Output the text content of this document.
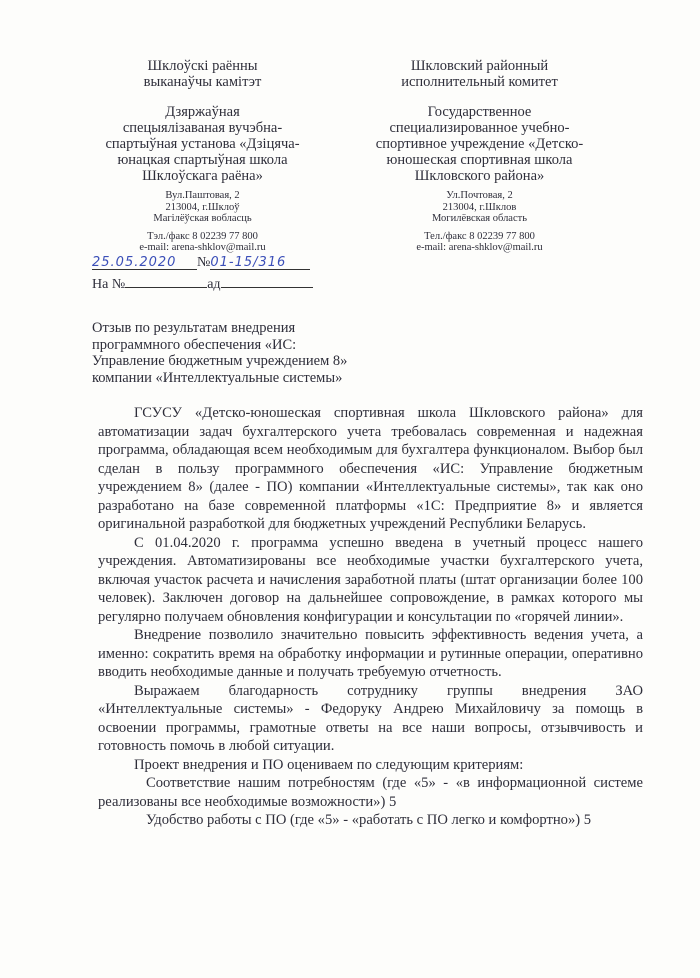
Шклоўскі раённы
выканаўчы камітэт
Дзяржаўная
спецыялізаваная вучэбна-
спартыўная установа «Дзіцяча-
юнацкая спартыўная школа
Шклоўскага раёна»
Вул.Паштовая, 2
213004, г.Шклоў
Магілёўская вобласць
Тэл./факс 8 02239 77 800
e-mail: arena-shklov@mail.ru
Шкловский районный
исполнительный комитет
Государственное
специализированное учебно-
спортивное учреждение «Детско-
юношеская спортивная школа
Шкловского района»
Ул.Почтовая, 2
213004, г.Шклов
Могилёвская область
Тел./факс 8 02239 77 800
e-mail: arena-shklov@mail.ru
25.05.2020 №01-15/316
На №	ад
Отзыв по результатам внедрения
программного обеспечения «ИС:
Управление бюджетным учреждением 8»
компании «Интеллектуальные системы»

ГСУСУ «Детско-юношеская спортивная школа Шкловского района» для автоматизации задач бухгалтерского учета требовалась современная и надежная программа, обладающая всем необходимым для бухгалтера функционалом. Выбор был сделан в пользу программного обеспечения «ИС: Управление бюджетным учреждением 8» (далее - ПО) компании «Интеллектуальные системы», так как оно разработано на базе современной платформы «1С: Предприятие 8» и является оригинальной разработкой для бюджетных учреждений Республики Беларусь.

С 01.04.2020 г. программа успешно введена в учетный процесс нашего учреждения. Автоматизированы все необходимые участки бухгалтерского учета, включая участок расчета и начисления заработной платы (штат организации более 100 человек). Заключен договор на дальнейшее сопровождение, в рамках которого мы регулярно получаем обновления конфигурации и консультации по «горячей линии».

Внедрение позволило значительно повысить эффективность ведения учета, а именно: сократить время на обработку информации и рутинные операции, оперативно вводить необходимые данные и получать требуемую отчетность.

Выражаем благодарность сотруднику группы внедрения ЗАО «Интеллектуальные системы» - Федоруку Андрею Михайловичу за помощь в освоении программы, грамотные ответы на все наши вопросы, отзывчивость и готовность помочь в любой ситуации.

Проект внедрения и ПО оцениваем по следующим критериям:

Соответствие нашим потребностям (где «5» - «в информационной системе реализованы все необходимые возможности») 5

Удобство работы с ПО (где «5» - «работать с ПО легко и комфортно») 5
